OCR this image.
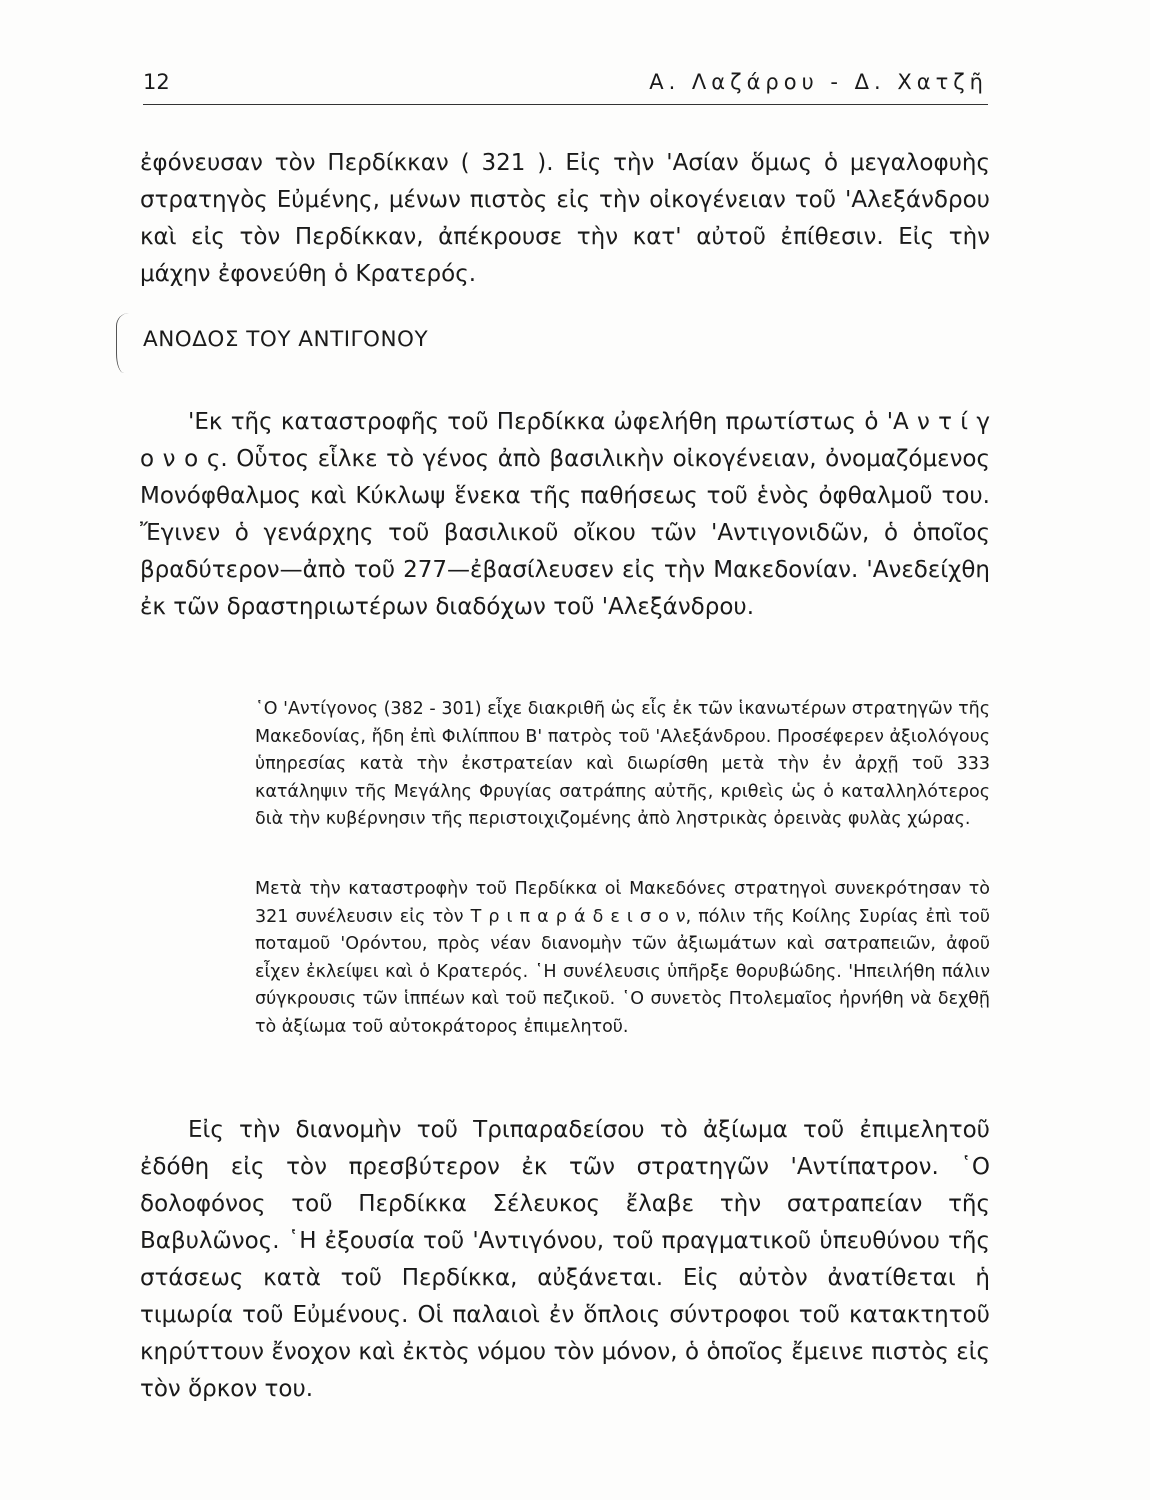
12	Α. Λαζάρου - Δ. Χατζῆ

ἐφόνευσαν τὸν Περδίκκαν ( 321 ). Εἰς τὴν 'Ασίαν ὅμως ὁ μεγαλοφυὴς στρατηγὸς Εὐμένης, μένων πιστὸς εἰς τὴν οἰκογένειαν τοῦ 'Αλεξάνδρου καὶ εἰς τὸν Περδίκκαν, ἀπέκρουσε τὴν κατ' αὐτοῦ ἐπίθεσιν. Εἰς τὴν μάχην ἐφονεύθη ὁ Κρατερός.

ΑΝΟΔΟΣ ΤΟΥ ΑΝΤΙΓΟΝΟΥ

'Εκ τῆς καταστροφῆς τοῦ Περδίκκα ὠφελήθη πρωτίστως ὁ 'Α ν τ ί γ ο ν ο ς. Οὗτος εἷλκε τὸ γένος ἀπὸ βασιλικὴν οἰκογένειαν, ὀνομαζόμενος Μονόφθαλμος καὶ Κύκλωψ ἕνεκα τῆς παθήσεως τοῦ ἑνὸς ὀφθαλμοῦ του. Ἔγινεν ὁ γενάρχης τοῦ βασιλικοῦ οἴκου τῶν 'Αντιγονιδῶν, ὁ ὁποῖος βραδύτερον—ἀπὸ τοῦ 277—ἐβασίλευσεν εἰς τὴν Μακεδονίαν. 'Ανεδείχθη ἐκ τῶν δραστηριωτέρων διαδόχων τοῦ 'Αλεξάνδρου.

῾Ο 'Αντίγονος (382 - 301) εἶχε διακριθῆ ὡς εἷς ἐκ τῶν ἱκανωτέρων στρατηγῶν τῆς Μακεδονίας, ἤδη ἐπὶ Φιλίππου Β' πατρὸς τοῦ 'Αλεξάνδρου. Προσέφερεν ἀξιολόγους ὑπηρεσίας κατὰ τὴν ἐκστρατείαν καὶ διωρίσθη μετὰ τὴν ἐν ἀρχῇ τοῦ 333 κατάληψιν τῆς Μεγάλης Φρυγίας σατράπης αὐτῆς, κριθεὶς ὡς ὁ καταλληλότερος διὰ τὴν κυβέρνησιν τῆς περιστοιχιζομένης ἀπὸ ληστρικὰς ὀρεινὰς φυλὰς χώρας.

Μετὰ τὴν καταστροφὴν τοῦ Περδίκκα οἱ Μακεδόνες στρατηγοὶ συνεκρότησαν τὸ 321 συνέλευσιν εἰς τὸν Τ ρ ι π α ρ ά δ ε ι σ ο ν, πόλιν τῆς Κοίλης Συρίας ἐπὶ τοῦ ποταμοῦ 'Ορόντου, πρὸς νέαν διανομὴν τῶν ἀξιωμάτων καὶ σατραπειῶν, ἀφοῦ εἶχεν ἐκλείψει καὶ ὁ Κρατερός. ῾Η συνέλευσις ὑπῆρξε θορυβώδης. 'Ηπειλήθη πάλιν σύγκρουσις τῶν ἱππέων καὶ τοῦ πεζικοῦ. ῾Ο συνετὸς Πτολεμαῖος ἠρνήθη νὰ δεχθῇ τὸ ἀξίωμα τοῦ αὐτοκράτορος ἐπιμελητοῦ.

Εἰς τὴν διανομὴν τοῦ Τριπαραδείσου τὸ ἀξίωμα τοῦ ἐπιμελητοῦ ἐδόθη εἰς τὸν πρεσβύτερον ἐκ τῶν στρατηγῶν 'Αντίπατρον. ῾Ο δολοφόνος τοῦ Περδίκκα Σέλευκος ἔλαβε τὴν σατραπείαν τῆς Βαβυλῶνος. ῾Η ἐξουσία τοῦ 'Αντιγόνου, τοῦ πραγματικοῦ ὑπευθύνου τῆς στάσεως κατὰ τοῦ Περδίκκα, αὐξάνεται. Εἰς αὐτὸν ἀνατίθεται ἡ τιμωρία τοῦ Εὐμένους. Οἱ παλαιοὶ ἐν ὅπλοις σύντροφοι τοῦ κατακτητοῦ κηρύττουν ἔνοχον καὶ ἐκτὸς νόμου τὸν μόνον, ὁ ὁποῖος ἔμεινε πιστὸς εἰς τὸν ὅρκον του.
